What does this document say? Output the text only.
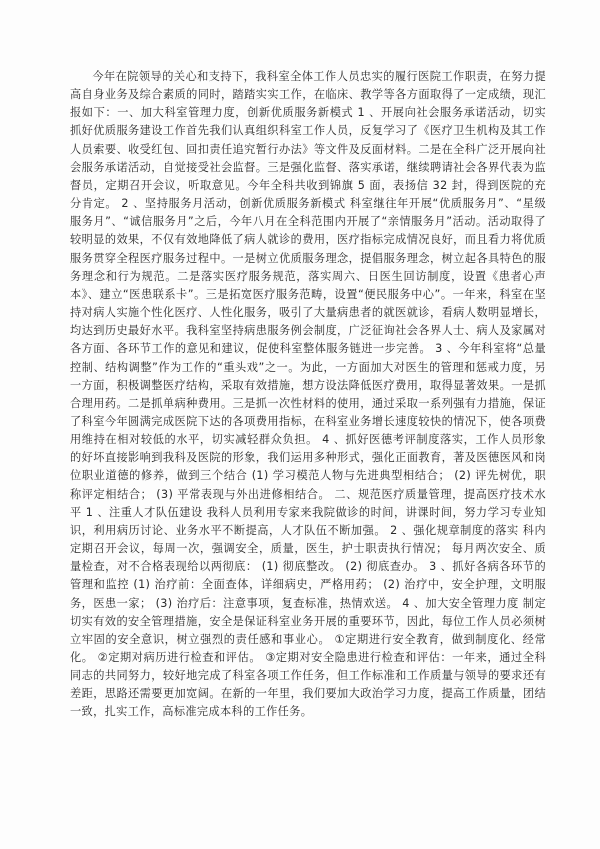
今年在院领导的关心和支持下，我科室全体工作人员忠实的履行医院工作职责，在努力提高自身业务及综合素质的同时，踏踏实实工作，在临床、教学等各方面取得了一定成绩，现汇报如下：一、加大科室管理力度，创新优质服务新模式 1 、开展向社会服务承诺活动，切实抓好优质服务建设工作首先我们认真组织科室工作人员，反复学习了《医疗卫生机构及其工作人员索要、收受红包、回扣责任追究暂行办法》等文件及反面材料。二是在全科广泛开展向社会服务承诺活动，自觉接受社会监督。三是强化监督、落实承诺，继续聘请社会各界代表为监督员，定期召开会议，听取意见。今年全科共收到锦旗 5 面，表扬信 32 封，得到医院的充分肯定。 2 、坚持服务月活动，创新优质服务新模式 科室继往年开展“优质服务月”、“星级服务月”、“诚信服务月”之后，今年八月在全科范围内开展了“亲情服务月”活动。活动取得了较明显的效果，不仅有效地降低了病人就诊的费用，医疗指标完成情况良好，而且看力将优质服务贯穿全程医疗服务过程中。一是树立优质服务理念，提倡服务理念，树立起各具特色的服务理念和行为规范。二是落实医疗服务规范，落实周六、日医生回访制度，设置《患者心声本》、建立“医患联系卡”。三是拓宽医疗服务范畴，设置“便民服务中心”。一年来，科室在坚持对病人实施个性化医疗、人性化服务，吸引了大量病患者的就医就诊，看病人数明显增长，均达到历史最好水平。我科室坚持病患服务例会制度，广泛征询社会各界人士、病人及家属对各方面、各环节工作的意见和建议，促使科室整体服务链进一步完善。 3 、今年科室将“总量控制、结构调整”作为工作的“重头戏”之一。为此，一方面加大对医生的管理和惩戒力度，另一方面，积极调整医疗结构，采取有效措施，想方设法降低医疗费用，取得显著效果。一是抓合理用药。二是抓单病种费用。三是抓一次性材料的使用，通过采取一系列强有力措施，保证了科室今年圆满完成医院下达的各项费用指标，在科室业务增长速度较快的情况下，使各项费用维持在相对较低的水平，切实减轻群众负担。 4 、抓好医德考评制度落实，工作人员形象的好坏直接影响到我科及医院的形象，我们运用多种形式，强化正面教育，著及医德医风和岗位职业道德的修养，做到三个结合 (1) 学习模范人物与先进典型相结合； (2) 评先树优，职称评定相结合； (3) 平常表现与外出进修相结合。 二、规范医疗质量管理，提高医疗技术水平 1 、注重人才队伍建设 我科人员利用专家来我院做诊的时间，讲课时间，努力学习专业知识，利用病历讨论、业务水平不断提高，人才队伍不断加强。 2 、强化规章制度的落实 科内定期召开会议，每周一次，强调安全，质量，医生，护士职责执行情况； 每月两次安全、质量检查，对不合格表现给以两彻底： (1) 彻底整改。 (2) 彻底查办。 3 、抓好各病各环节的管理和监控 (1) 治疗前：全面查体，详细病史，严格用药； (2) 治疗中，安全护理，文明服务，医患一家； (3) 治疗后：注意事项，复查标准，热情欢送。 4 、加大安全管理力度 制定切实有效的安全管理措施，安全是保证科室业务开展的重要环节，因此，每位工作人员必须树立牢固的安全意识，树立强烈的责任感和事业心。 ①定期进行安全教育，做到制度化、经常化。 ②定期对病历进行检查和评估。 ③定期对安全隐患进行检查和评估：一年来，通过全科同志的共同努力，较好地完成了科室各项工作任务，但工作标准和工作质量与领导的要求还有差距，思路还需要更加宽阔。在新的一年里，我们要加大政治学习力度，提高工作质量，团结一致，扎实工作，高标准完成本科的工作任务。
